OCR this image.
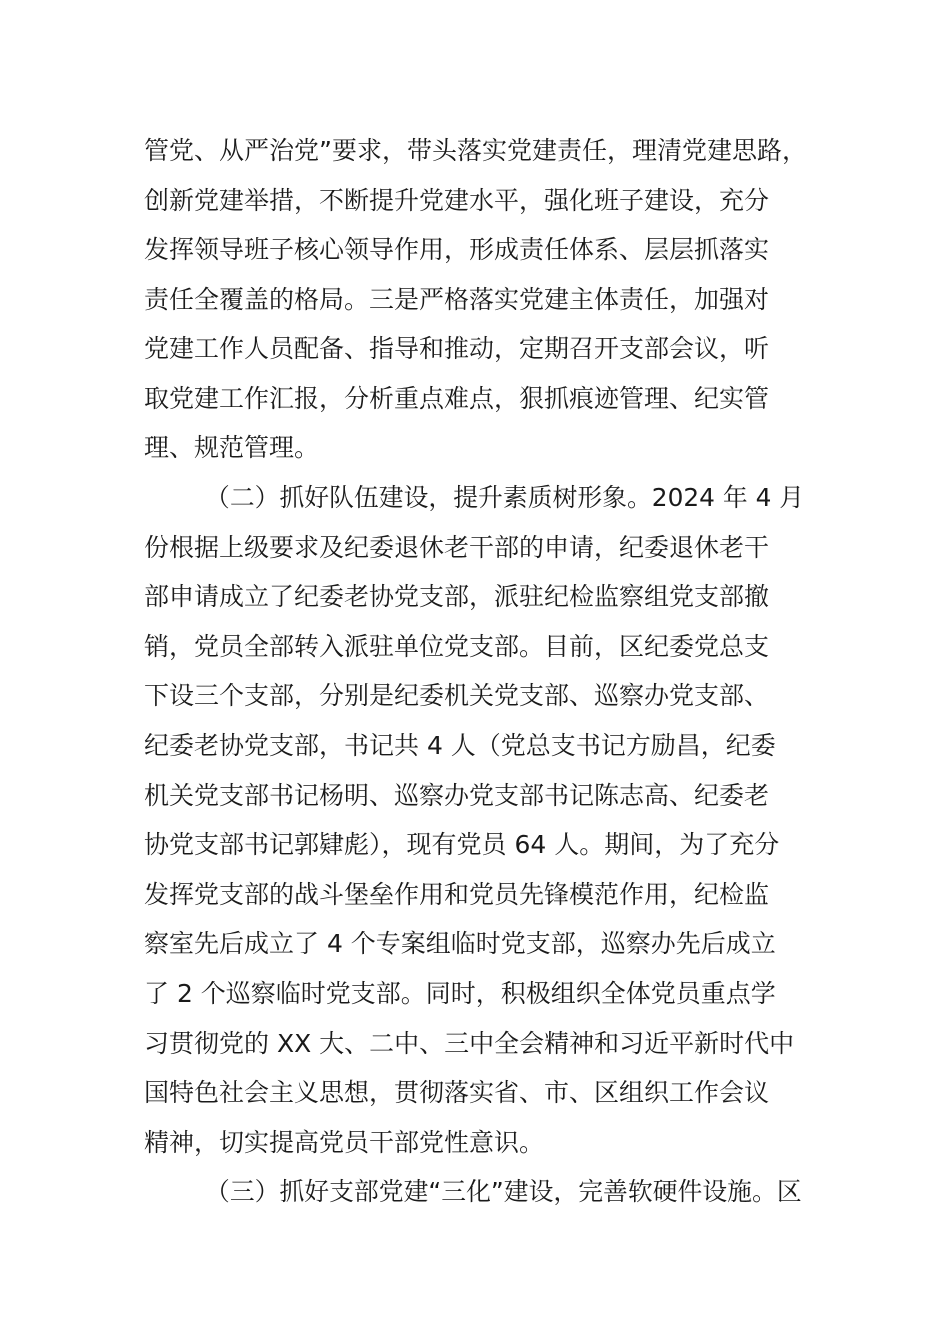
管党、从严治党”要求，带头落实党建责任，理清党建思路，
创新党建举措，不断提升党建水平，强化班子建设，充分
发挥领导班子核心领导作用，形成责任体系、层层抓落实
责任全覆盖的格局。三是严格落实党建主体责任，加强对
党建工作人员配备、指导和推动，定期召开支部会议，听
取党建工作汇报，分析重点难点，狠抓痕迹管理、纪实管
理、规范管理。
（二）抓好队伍建设，提升素质树形象。2024 年 4 月
份根据上级要求及纪委退休老干部的申请，纪委退休老干
部申请成立了纪委老协党支部，派驻纪检监察组党支部撤
销，党员全部转入派驻单位党支部。目前，区纪委党总支
下设三个支部，分别是纪委机关党支部、巡察办党支部、
纪委老协党支部，书记共 4 人（党总支书记方励昌，纪委
机关党支部书记杨明、巡察办党支部书记陈志高、纪委老
协党支部书记郭肄彪），现有党员 64 人。期间，为了充分
发挥党支部的战斗堡垒作用和党员先锋模范作用，纪检监
察室先后成立了 4 个专案组临时党支部，巡察办先后成立
了 2 个巡察临时党支部。同时，积极组织全体党员重点学
习贯彻党的 XX 大、二中、三中全会精神和习近平新时代中
国特色社会主义思想，贯彻落实省、市、区组织工作会议
精神，切实提高党员干部党性意识。
（三）抓好支部党建“三化”建设，完善软硬件设施。区
